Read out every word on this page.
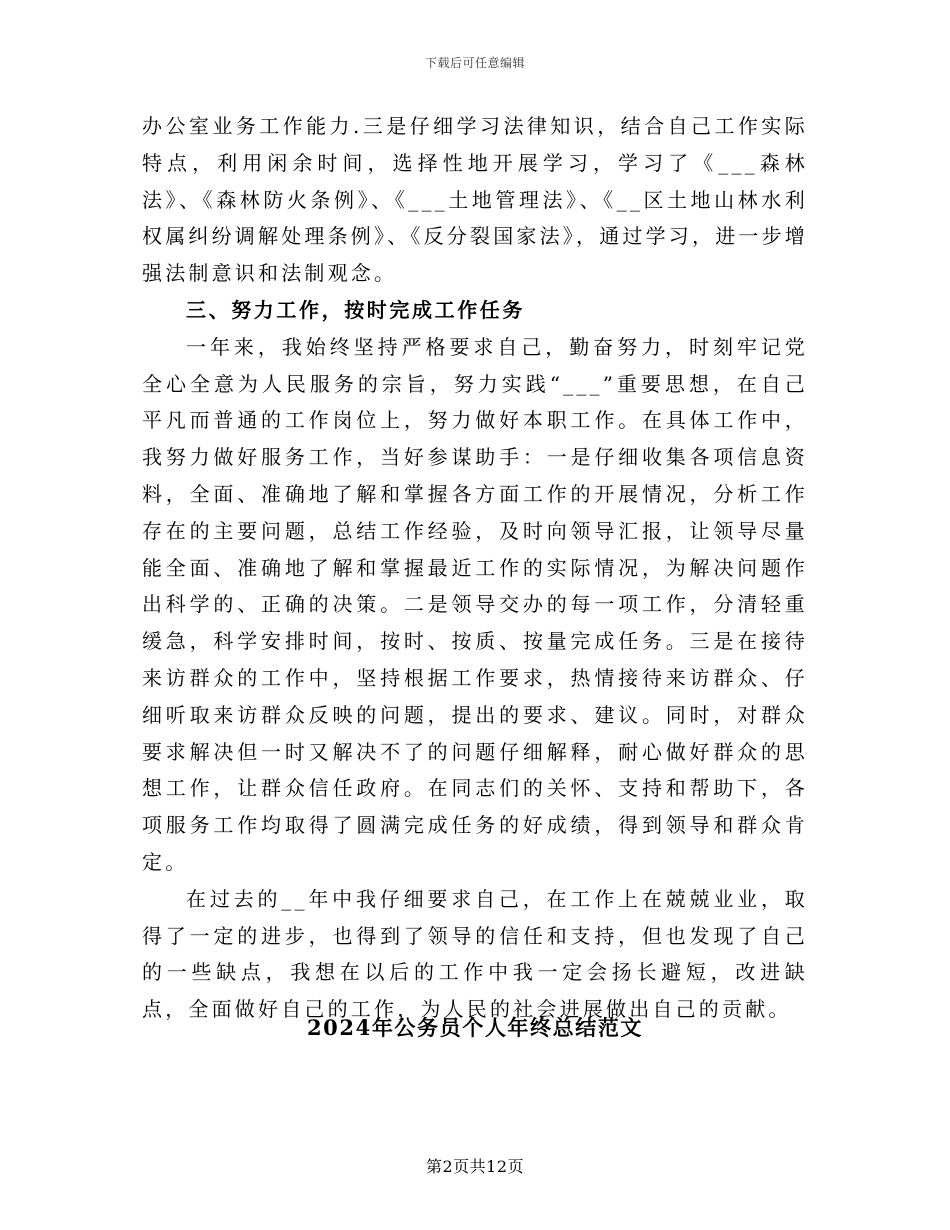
下载后可任意编辑

办公室业务工作能力.三是仔细学习法律知识，结合自己工作实际特点，利用闲余时间，选择性地开展学习，学习了《___森林法》、《森林防火条例》、《___土地管理法》、《__区土地山林水利权属纠纷调解处理条例》、《反分裂国家法》，通过学习，进一步增强法制意识和法制观念。

三、努力工作，按时完成工作任务

一年来，我始终坚持严格要求自己，勤奋努力，时刻牢记党全心全意为人民服务的宗旨，努力实践“___”重要思想，在自己平凡而普通的工作岗位上，努力做好本职工作。在具体工作中，我努力做好服务工作，当好参谋助手：一是仔细收集各项信息资料，全面、准确地了解和掌握各方面工作的开展情况，分析工作存在的主要问题，总结工作经验，及时向领导汇报，让领导尽量能全面、准确地了解和掌握最近工作的实际情况，为解决问题作出科学的、正确的决策。二是领导交办的每一项工作，分清轻重缓急，科学安排时间，按时、按质、按量完成任务。三是在接待来访群众的工作中，坚持根据工作要求，热情接待来访群众、仔细听取来访群众反映的问题，提出的要求、建议。同时，对群众要求解决但一时又解决不了的问题仔细解释，耐心做好群众的思想工作，让群众信任政府。在同志们的关怀、支持和帮助下，各项服务工作均取得了圆满完成任务的好成绩，得到领导和群众肯定。

在过去的__年中我仔细要求自己，在工作上在兢兢业业，取得了一定的进步，也得到了领导的信任和支持，但也发现了自己的一些缺点，我想在以后的工作中我一定会扬长避短，改进缺点，全面做好自己的工作，为人民的社会进展做出自己的贡献。

2024年公务员个人年终总结范文
第2页共12页
